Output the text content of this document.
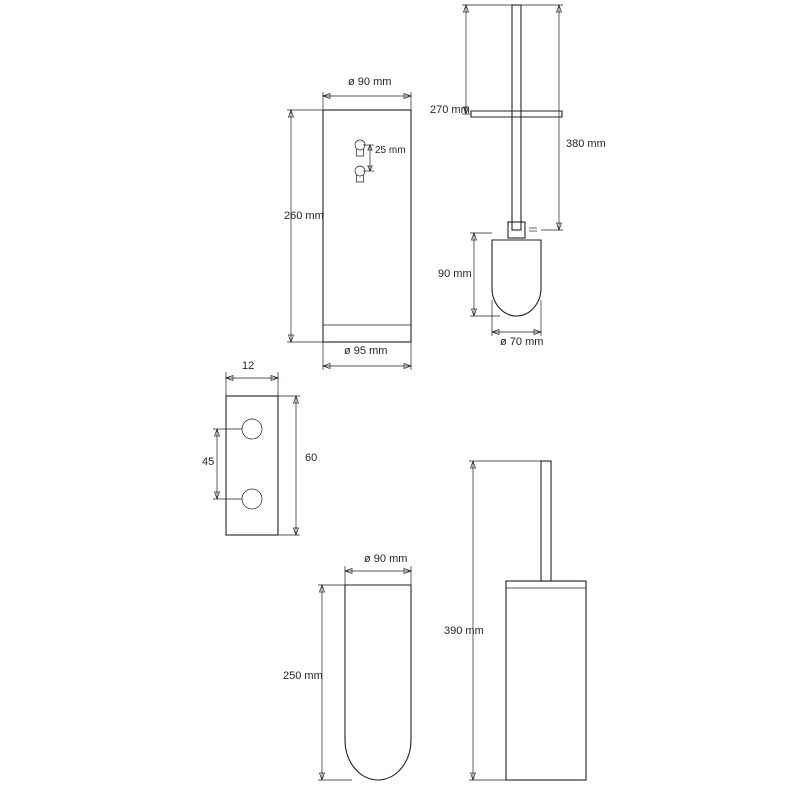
ø 90 mm
260 mm
25 mm
ø 95 mm
270 mm
380 mm
90 mm
ø 70 mm
12
45	60
ø 90 mm
250 mm
390 mm
